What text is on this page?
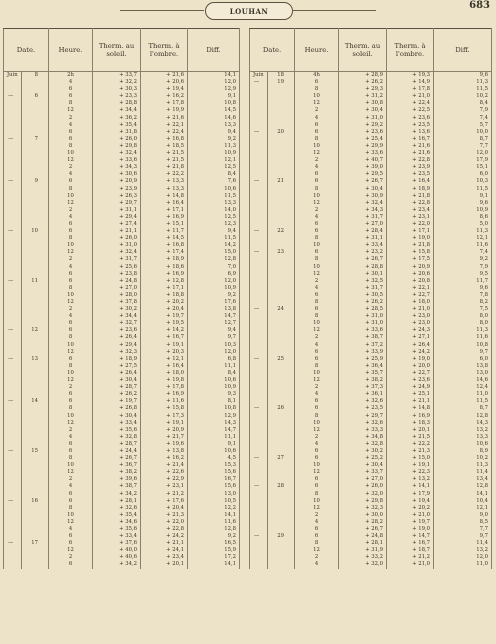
LOUHAN	683
Date.		Heure.	Therm. au soleil.	Therm. à l'ombre.	Diff.		Date.		Heure.	Therm. au soleil.	Therm. à l'ombre.	Diff.
Juin	8	2h	+ 33,7	+ 21,6	14,1		Juin	18	4h	+ 28,9	+ 19,3	9,6
		4	+ 32,2	+ 20,6	12,0		—	19	6	+ 26,2	+ 14,9	11,3
		6	+ 30,3	+ 19,4	12,9				8	+ 29,3	+ 17,8	11,5
—	6	6	+ 23,3	+ 16,2	9,1				10	+ 31,2	+ 21,0	10,2
		8	+ 28,8	+ 17,8	10,8				12	+ 30,8	+ 22,4	8,4
		12	+ 34,4	+ 19,9	14,5				2	+ 30,4	+ 22,5	7,9
		2	+ 36,2	+ 21,6	14,6				4	+ 31,0	+ 23,6	7,4
		4	+ 35,4	+ 22,1	13,3				6	+ 29,2	+ 23,5	5,7
		6	+ 31,8	+ 22,4	9,4		—	20	6	+ 23,6	+ 13,6	10,0
—	7	6	+ 26,0	+ 16,8	9,2				8	+ 25,4	+ 16,7	8,7
		8	+ 29,8	+ 18,5	11,3				10	+ 29,9	+ 21,6	7,7
		10	+ 32,4	+ 21,5	10,9				12	+ 33,6	+ 21,6	12,0
		12	+ 33,6	+ 21,5	12,1				2	+ 40,7	+ 22,8	17,9
		2	+ 34,3	+ 21,8	12,5				4	+ 39,0	+ 23,9	15,1
		4	+ 30,6	+ 22,2	8,4				6	+ 29,5	+ 23,5	6,0
—	9	6	+ 20,9	+ 13,3	7,6		—	21	6	+ 26,7	+ 16,4	10,3
		8	+ 23,9	+ 13,3	10,6				8	+ 30,4	+ 18,9	11,5
		10	+ 26,3	+ 14,8	11,5				10	+ 30,9	+ 21,8	9,1
		12	+ 29,7	+ 16,4	13,3				12	+ 32,4	+ 22,8	9,6
		2	+ 31,1	+ 17,1	14,0				2	+ 34,3	+ 23,4	10,9
		4	+ 29,4	+ 16,9	12,5				4	+ 31,7	+ 23,1	8,6
		6	+ 27,4	+ 15,1	12,3				6	+ 27,0	+ 22,0	5,0
—	10	6	+ 21,1	+ 11,7	9,4		—	22	6	+ 28,4	+ 17,1	11,3
		8	+ 26,0	+ 14,5	11,5				8	+ 31,1	+ 19,0	12,1
		10	+ 31,0	+ 16,8	14,2				10	+ 33,4	+ 21,8	11,6
		12	+ 32,4	+ 17,4	15,0		—	23	6	+ 23,2	+ 15,8	7,4
		2	+ 31,7	+ 18,9	12,8				8	+ 26,7	+ 17,5	9,2
		4	+ 25,6	+ 18,6	7,0				10	+ 28,8	+ 20,9	7,9
		6	+ 23,8	+ 16,9	6,9				12	+ 30,1	+ 20,6	9,5
—	11	6	+ 24,8	+ 12,8	12,0				2	+ 32,5	+ 20,8	11,7
		8	+ 27,0	+ 17,1	10,9				4	+ 31,7	+ 22,1	9,6
		10	+ 28,0	+ 18,8	9,2				6	+ 30,5	+ 22,7	7,8
		12	+ 37,8	+ 20,2	17,6				8	+ 26,2	+ 18,0	8,2
		2	+ 30,2	+ 20,4	13,8		—	24	6	+ 28,5	+ 21,0	7,5
		4	+ 34,4	+ 19,7	14,7				8	+ 31,0	+ 23,0	8,0
		6	+ 32,7	+ 19,5	12,7				10	+ 31,0	+ 23,0	8,0
—	12	6	+ 23,6	+ 14,2	9,4				12	+ 33,6	+ 24,3	11,3
		8	+ 26,4	+ 16,7	9,7				2	+ 38,7	+ 27,1	11,6
		10	+ 29,4	+ 19,1	10,3				4	+ 37,2	+ 26,4	10,8
		12	+ 32,3	+ 20,3	12,0				6	+ 33,9	+ 24,2	9,7
—	13	6	+ 18,9	+ 12,1	6,8		—	25	6	+ 25,9	+ 19,0	6,0
		8	+ 27,5	+ 16,4	11,1				8	+ 36,4	+ 20,0	13,8
		10	+ 26,4	+ 18,0	8,4				10	+ 35,7	+ 22,7	13,0
		12	+ 30,4	+ 19,8	10,6				12	+ 38,2	+ 23,6	14,6
		2	+ 28,7	+ 17,8	10,9				2	+ 37,3	+ 24,9	12,4
		6	+ 26,2	+ 16,9	9,3				4	+ 36,1	+ 25,1	11,0
—	14	6	+ 19,7	+ 11,6	8,1				6	+ 32,6	+ 21,1	11,5
		8	+ 26,8	+ 15,8	10,8		—	26	6	+ 23,5	+ 14,8	8,7
		10	+ 30,4	+ 17,3	12,9				8	+ 29,7	+ 16,9	12,8
		12	+ 33,4	+ 19,1	14,3				10	+ 32,6	+ 18,3	14,3
		2	+ 35,6	+ 20,9	14,7				12	+ 33,3	+ 20,1	13,2
		4	+ 32,8	+ 21,7	11,1				2	+ 34,8	+ 21,5	13,3
		6	+ 28,7	+ 19,6	9,1				4	+ 32,8	+ 22,2	10,6
—	15	6	+ 24,4	+ 13,8	10,6				6	+ 30,2	+ 21,3	8,9
		8	+ 26,7	+ 16,2	4,5		—	27	6	+ 25,2	+ 15,0	10,2
		10	+ 36,7	+ 21,4	15,3				10	+ 30,4	+ 19,1	11,3
		12	+ 38,2	+ 22,6	15,6				12	+ 33,7	+ 22,3	11,4
		2	+ 39,6	+ 22,9	16,7				6	+ 27,0	+ 13,2	13,4
		4	+ 38,7	+ 23,1	15,6		—	28	6	+ 26,0	+ 14,1	12,8
		6	+ 34,2	+ 21,2	13,0				8	+ 32,0	+ 17,9	14,1
—	16	6	+ 28,1	+ 17,6	10,5				10	+ 29,8	+ 19,4	10,4
		8	+ 32,6	+ 20,4	12,2				12	+ 32,3	+ 20,2	12,1
		10	+ 35,4	+ 21,3	14,1				2	+ 30,0	+ 21,0	9,0
		12	+ 34,6	+ 22,0	11,6				4	+ 28,2	+ 19,7	8,5
		4	+ 35,6	+ 22,8	12,8				6	+ 26,7	+ 19,0	7,7
		6	+ 33,4	+ 24,2	9,2		—	29	6	+ 24,8	+ 14,7	9,7
—	17	6	+ 37,6	+ 21,1	16,5				8	+ 28,1	+ 16,7	11,4
		12	+ 40,0	+ 24,1	15,9				12	+ 31,9	+ 18,7	13,2
		2	+ 40,6	+ 23,4	17,2				2	+ 33,2	+ 21,2	12,0
		6	+ 34,2	+ 20,1	14,1				4	+ 32,0	+ 21,0	11,0
